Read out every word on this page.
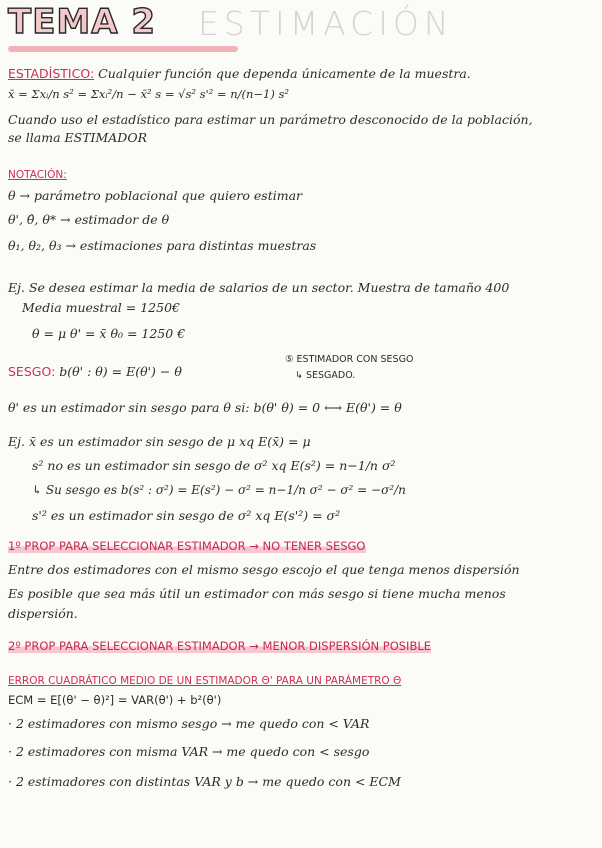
TEMA 2 ESTIMACIÓN
ESTADÍSTICO: Cualquier función que dependa únicamente de la muestra.
x̄ = Σxᵢ/n s² = Σxᵢ²/n − x̄² s = √s² s'² = n/(n−1) s²
Cuando uso el estadístico para estimar un parámetro desconocido de la población,
se llama ESTIMADOR
NOTACIÓN:
θ → parámetro poblacional que quiero estimar
θ', θ̂, θ* → estimador de θ
θ₁, θ₂, θ₃ → estimaciones para distintas muestras
Ej. Se desea estimar la media de salarios de un sector. Muestra de tamaño 400
Media muestral = 1250€
θ = μ θ' = x̄ θ₀ = 1250 €
SESGO: b(θ' : θ) = E(θ') − θ
⑤ ESTIMADOR CON SESGO
↳ SESGADO.
θ' es un estimador sin sesgo para θ si: b(θ' θ) = 0 ⟷ E(θ') = θ
Ej. x̄ es un estimador sin sesgo de μ xq E(x̄) = μ
s² no es un estimador sin sesgo de σ² xq E(s²) = n−1/n σ²
↳ Su sesgo es b(s² : σ²) = E(s²) − σ² = n−1/n σ² − σ² = −σ²/n
s'² es un estimador sin sesgo de σ² xq E(s'²) = σ²
1º PROP PARA SELECCIONAR ESTIMADOR → NO TENER SESGO
Entre dos estimadores con el mismo sesgo escojo el que tenga menos dispersión
Es posible que sea más útil un estimador con más sesgo si tiene mucha menos
dispersión.
2º PROP PARA SELECCIONAR ESTIMADOR → MENOR DISPERSIÓN POSIBLE
ERROR CUADRÁTICO MEDIO DE UN ESTIMADOR Θ' PARA UN PARÁMETRO Θ
ECM = E[(θ' − θ)²] = VAR(θ') + b²(θ')
· 2 estimadores con mismo sesgo → me quedo con < VAR
· 2 estimadores con misma VAR → me quedo con < sesgo
· 2 estimadores con distintas VAR y b → me quedo con < ECM
